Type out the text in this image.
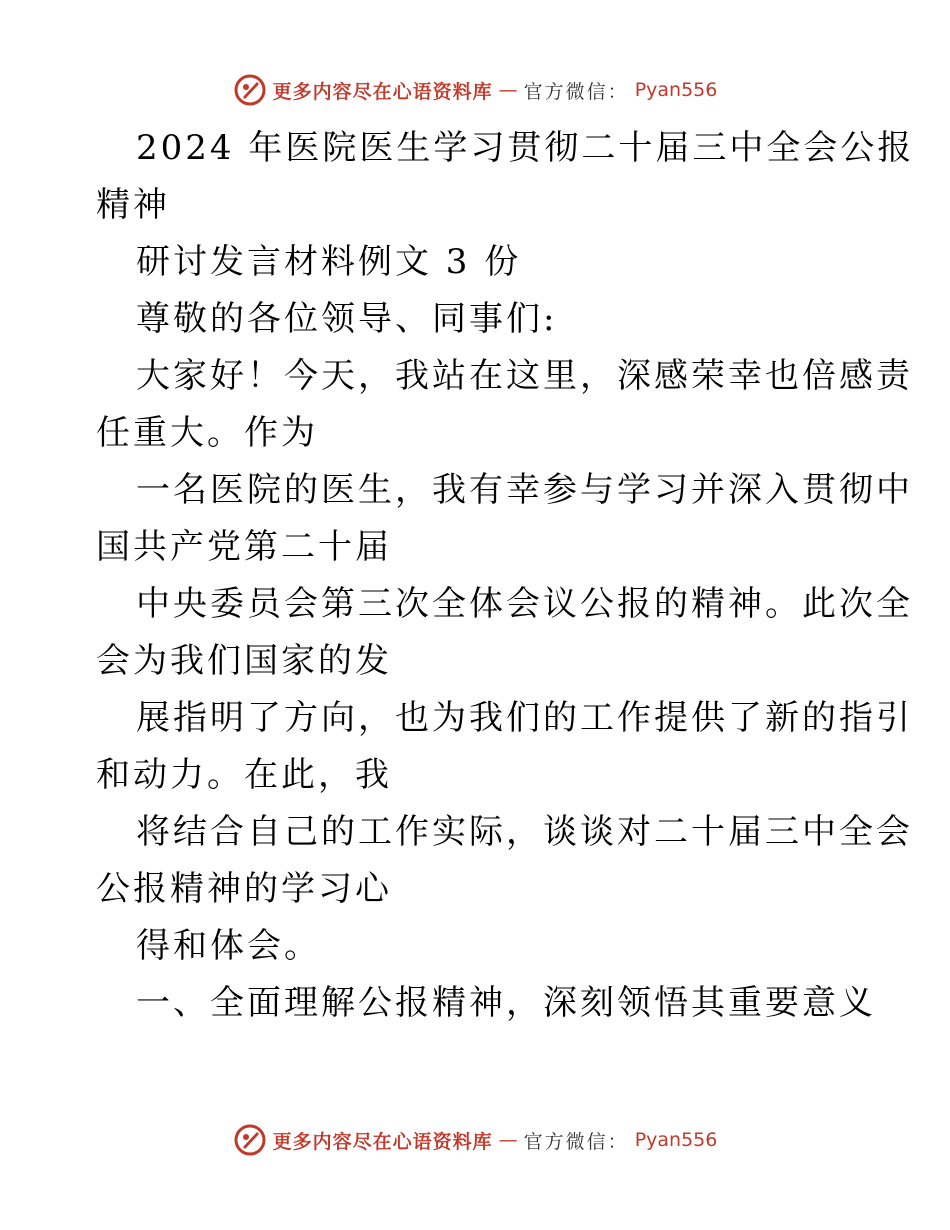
更多内容尽在心语资料库 — 官方微信： Pyan556

2024 年医院医生学习贯彻二十届三中全会公报
精神

研讨发言材料例文 3 份

尊敬的各位领导、同事们:

大家好！今天，我站在这里，深感荣幸也倍感责
任重大。作为

一名医院的医生，我有幸参与学习并深入贯彻中
国共产党第二十届

中央委员会第三次全体会议公报的精神。此次全
会为我们国家的发

展指明了方向，也为我们的工作提供了新的指引
和动力。在此，我

将结合自己的工作实际，谈谈对二十届三中全会
公报精神的学习心

得和体会。

一、全面理解公报精神，深刻领悟其重要意义

更多内容尽在心语资料库 — 官方微信： Pyan556
